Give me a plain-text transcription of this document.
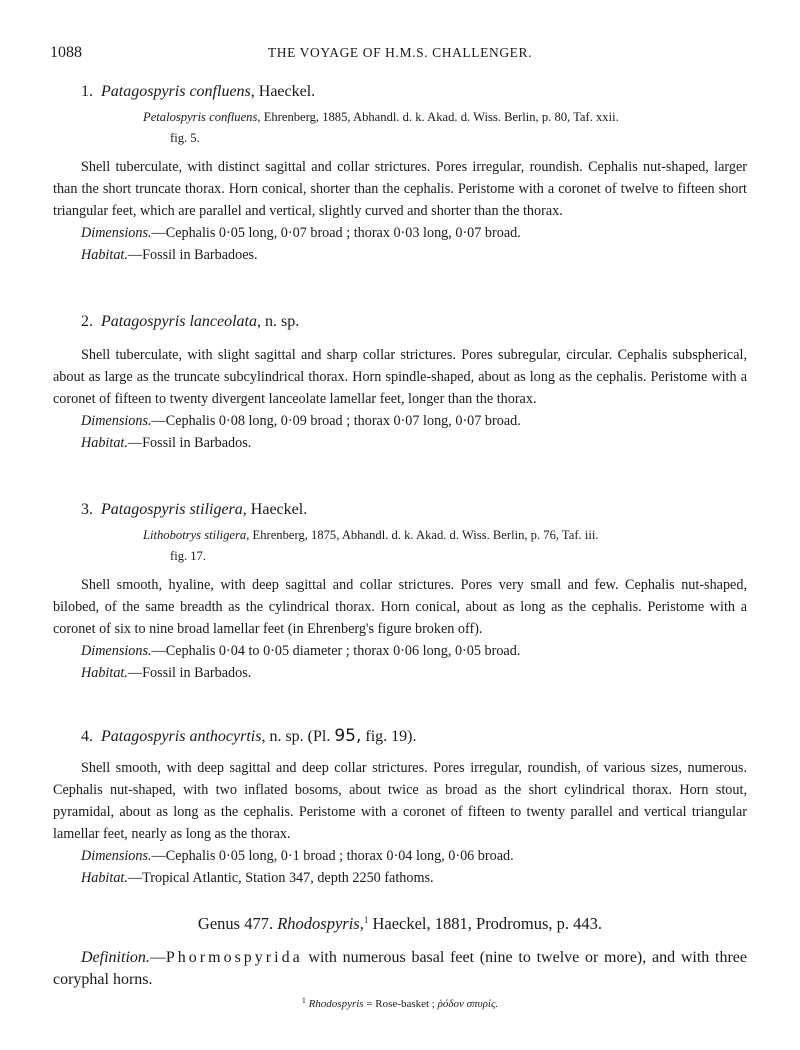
1088	THE VOYAGE OF H.M.S. CHALLENGER.
1. Patagospyris confluens, Haeckel.
Petalospyris confluens, Ehrenberg, 1885, Abhandl. d. k. Akad. d. Wiss. Berlin, p. 80, Taf. xxii.
fig. 5.

Shell tuberculate, with distinct sagittal and collar strictures. Pores irregular, roundish. Cephalis nut-shaped, larger than the short truncate thorax. Horn conical, shorter than the cephalis. Peristome with a coronet of twelve to fifteen short triangular feet, which are parallel and vertical, slightly curved and shorter than the thorax.

Dimensions.—Cephalis 0·05 long, 0·07 broad ; thorax 0·03 long, 0·07 broad.

Habitat.—Fossil in Barbadoes.

2. Patagospyris lanceolata, n. sp.

Shell tuberculate, with slight sagittal and sharp collar strictures. Pores subregular, circular. Cephalis subspherical, about as large as the truncate subcylindrical thorax. Horn spindle-shaped, about as long as the cephalis. Peristome with a coronet of fifteen to twenty divergent lanceolate lamellar feet, longer than the thorax.

Dimensions.—Cephalis 0·08 long, 0·09 broad ; thorax 0·07 long, 0·07 broad.

Habitat.—Fossil in Barbados.

3. Patagospyris stiligera, Haeckel.
Lithobotrys stiligera, Ehrenberg, 1875, Abhandl. d. k. Akad. d. Wiss. Berlin, p. 76, Taf. iii.
fig. 17.

Shell smooth, hyaline, with deep sagittal and collar strictures. Pores very small and few. Cephalis nut-shaped, bilobed, of the same breadth as the cylindrical thorax. Horn conical, about as long as the cephalis. Peristome with a coronet of six to nine broad lamellar feet (in Ehrenberg's figure broken off).

Dimensions.—Cephalis 0·04 to 0·05 diameter ; thorax 0·06 long, 0·05 broad.

Habitat.—Fossil in Barbados.

4. Patagospyris anthocyrtis, n. sp. (Pl. 95, fig. 19).

Shell smooth, with deep sagittal and deep collar strictures. Pores irregular, roundish, of various sizes, numerous. Cephalis nut-shaped, with two inflated bosoms, about twice as broad as the short cylindrical thorax. Horn stout, pyramidal, about as long as the cephalis. Peristome with a coronet of fifteen to twenty parallel and vertical triangular lamellar feet, nearly as long as the thorax.

Dimensions.—Cephalis 0·05 long, 0·1 broad ; thorax 0·04 long, 0·06 broad.

Habitat.—Tropical Atlantic, Station 347, depth 2250 fathoms.

Genus 477. Rhodospyris,$^1$ Haeckel, 1881, Prodromus, p. 443.
Definition.—Phormospyrida with numerous basal feet (nine to twelve or more), and with three coryphal horns.
$^1$ Rhodospyris = Rose-basket ; ῥόδον σπυρίς.
